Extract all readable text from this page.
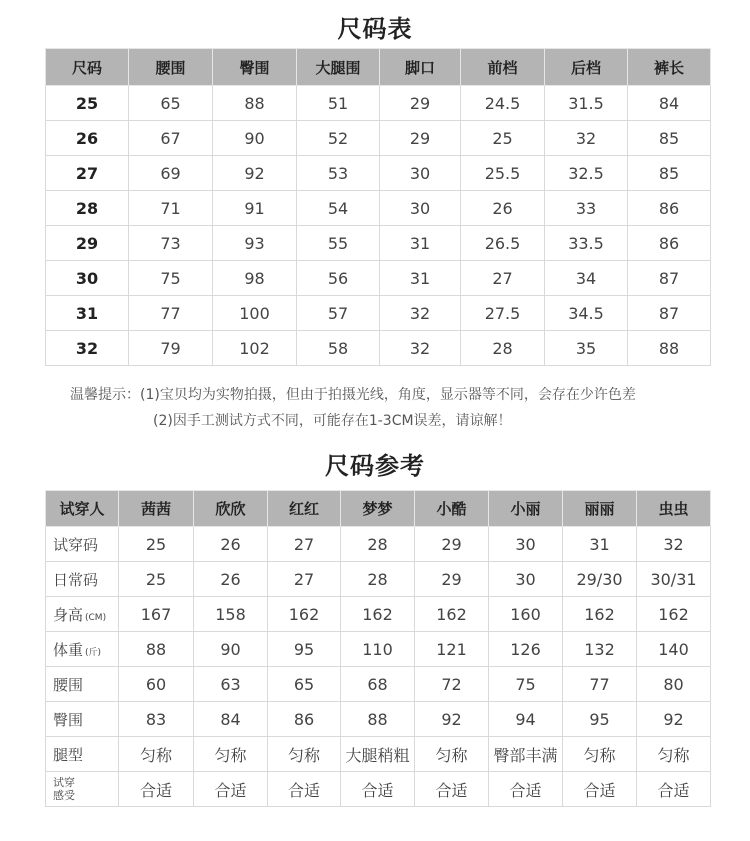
尺码表
尺码	腰围	臀围	大腿围	脚口	前档	后档	裤长
25	65	88	51	29	24.5	31.5	84
26	67	90	52	29	25	32	85
27	69	92	53	30	25.5	32.5	85
28	71	91	54	30	26	33	86
29	73	93	55	31	26.5	33.5	86
30	75	98	56	31	27	34	87
31	77	100	57	32	27.5	34.5	87
32	79	102	58	32	28	35	88
温馨提示：(1)宝贝均为实物拍摄，但由于拍摄光线，角度，显示器等不同，会存在少许色差
(2)因手工测试方式不同，可能存在1-3CM误差，请谅解！
尺码参考
试穿人	茜茜	欣欣	红红	梦梦	小酷	小丽	丽丽	虫虫
试穿码	25	26	27	28	29	30	31	32
日常码	25	26	27	28	29	30	29/30	30/31
身高 (CM)	167	158	162	162	162	160	162	162
体重 (斤)	88	90	95	110	121	126	132	140
腰围	60	63	65	68	72	75	77	80
臀围	83	84	86	88	92	94	95	92
腿型	匀称	匀称	匀称	大腿稍粗	匀称	臀部丰满	匀称	匀称
试穿
感受	合适	合适	合适	合适	合适	合适	合适	合适
